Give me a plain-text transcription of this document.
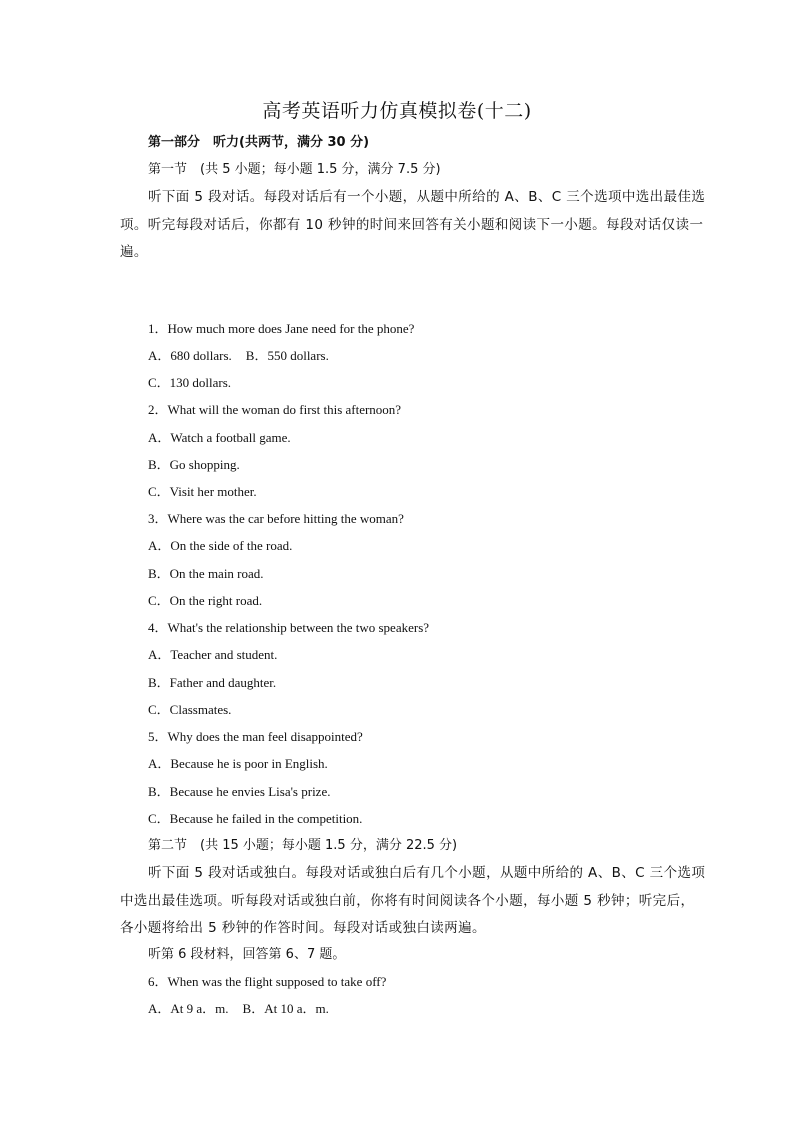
高考英语听力仿真模拟卷(十二)
第一部分　听力(共两节，满分 30 分)
第一节　(共 5 小题；每小题 1.5 分，满分 7.5 分)
听下面 5 段对话。每段对话后有一个小题，从题中所给的 A、B、C 三个选项中选出最佳选项。听完每段对话后，你都有 10 秒钟的时间来回答有关小题和阅读下一小题。每段对话仅读一遍。
1．How much more does Jane need for the phone?
A．680 dollars. B．550 dollars.
C．130 dollars.
2．What will the woman do first this afternoon?
A．Watch a football game.
B．Go shopping.
C．Visit her mother.
3．Where was the car before hitting the woman?
A．On the side of the road.
B．On the main road.
C．On the right road.
4．What's the relationship between the two speakers?
A．Teacher and student.
B．Father and daughter.
C．Classmates.
5．Why does the man feel disappointed?
A．Because he is poor in English.
B．Because he envies Lisa's prize.
C．Because he failed in the competition.
第二节　(共 15 小题；每小题 1.5 分，满分 22.5 分)
听下面 5 段对话或独白。每段对话或独白后有几个小题，从题中所给的 A、B、C 三个选项中选出最佳选项。听每段对话或独白前，你将有时间阅读各个小题，每小题 5 秒钟；听完后，各小题将给出 5 秒钟的作答时间。每段对话或独白读两遍。
听第 6 段材料，回答第 6、7 题。
6．When was the flight supposed to take off?
A．At 9 a．m. B．At 10 a．m.
